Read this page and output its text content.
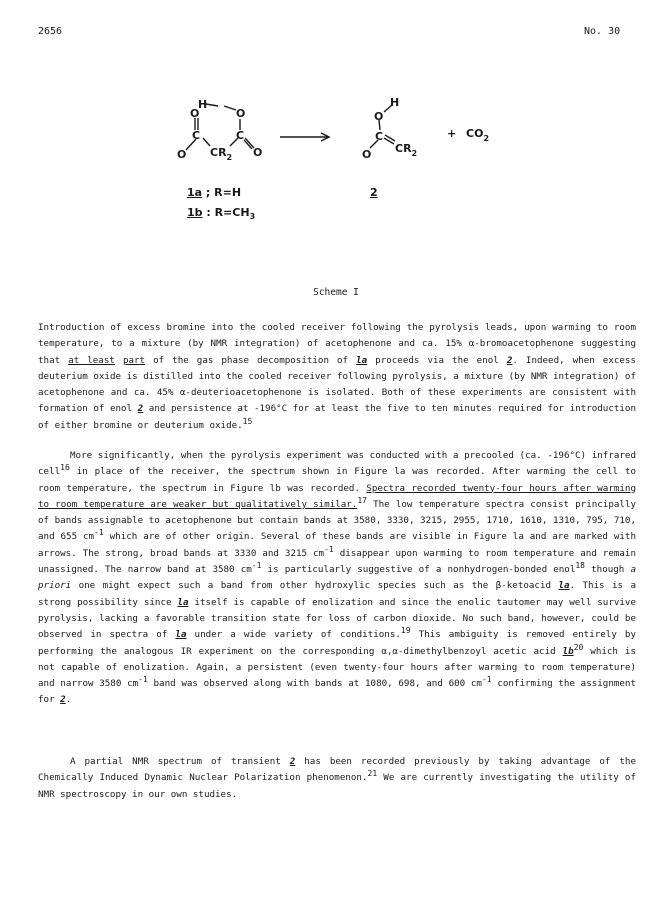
2656	No. 30
H
O	O
C	C
O $CR_2$ O
H
O
C
O $CR_2$
+ $CO_2$
1a ; R=H
1b : $R=CH_3$
2
Scheme I

Introduction of excess bromine into the cooled receiver following the pyrolysis leads, upon warming to room temperature, to a mixture (by NMR integration) of acetophenone and ca. 15% α-bromoacetophenone suggesting that at least part of the gas phase decomposition of la proceeds via the enol 2. Indeed, when excess deuterium oxide is distilled into the cooled receiver following pyrolysis, a mixture (by NMR integration) of acetophenone and ca. 45% α-deuterioacetophenone is isolated. Both of these experiments are consistent with formation of enol 2 and persistence at -196°C for at least the five to ten minutes required for introduction of either bromine or deuterium oxide.$^{15}$

More significantly, when the pyrolysis experiment was conducted with a precooled (ca. -196°C) infrared cell$^{16}$ in place of the receiver, the spectrum shown in Figure la was recorded. After warming the cell to room temperature, the spectrum in Figure lb was recorded. Spectra recorded twenty-four hours after warming to room temperature are weaker but qualitatively similar.$^{17}$ The low temperature spectra consist principally of bands assignable to acetophenone but contain bands at 3580, 3330, 3215, 2955, 1710, 1610, 1310, 795, 710, and 655 $cm^{-1}$ which are of other origin. Several of these bands are visible in Figure la and are marked with arrows. The strong, broad bands at 3330 and 3215 $cm^{-1}$ disappear upon warming to room temperature and remain unassigned. The narrow band at 3580 $cm^{-1}$ is particularly suggestive of a nonhydrogen-bonded enol$^{18}$ though a priori one might expect such a band from other hydroxylic species such as the β-ketoacid la. This is a strong possibility since la itself is capable of enolization and since the enolic tautomer may well survive pyrolysis, lacking a favorable transition state for loss of carbon dioxide. No such band, however, could be observed in spectra of la under a wide variety of conditions.$^{19}$ This ambiguity is removed entirely by performing the analogous IR experiment on the corresponding α,α-dimethylbenzoyl acetic acid $lb^{20}$ which is not capable of enolization. Again, a persistent (even twenty-four hours after warming to room temperature) and narrow 3580 $cm^{-1}$ band was observed along with bands at 1080, 698, and 600 $cm^{-1}$ confirming the assignment for 2.

A partial NMR spectrum of transient 2 has been recorded previously by taking advantage of the Chemically Induced Dynamic Nuclear Polarization phenomenon.$^{21}$ We are currently investigating the utility of NMR spectroscopy in our own studies.
